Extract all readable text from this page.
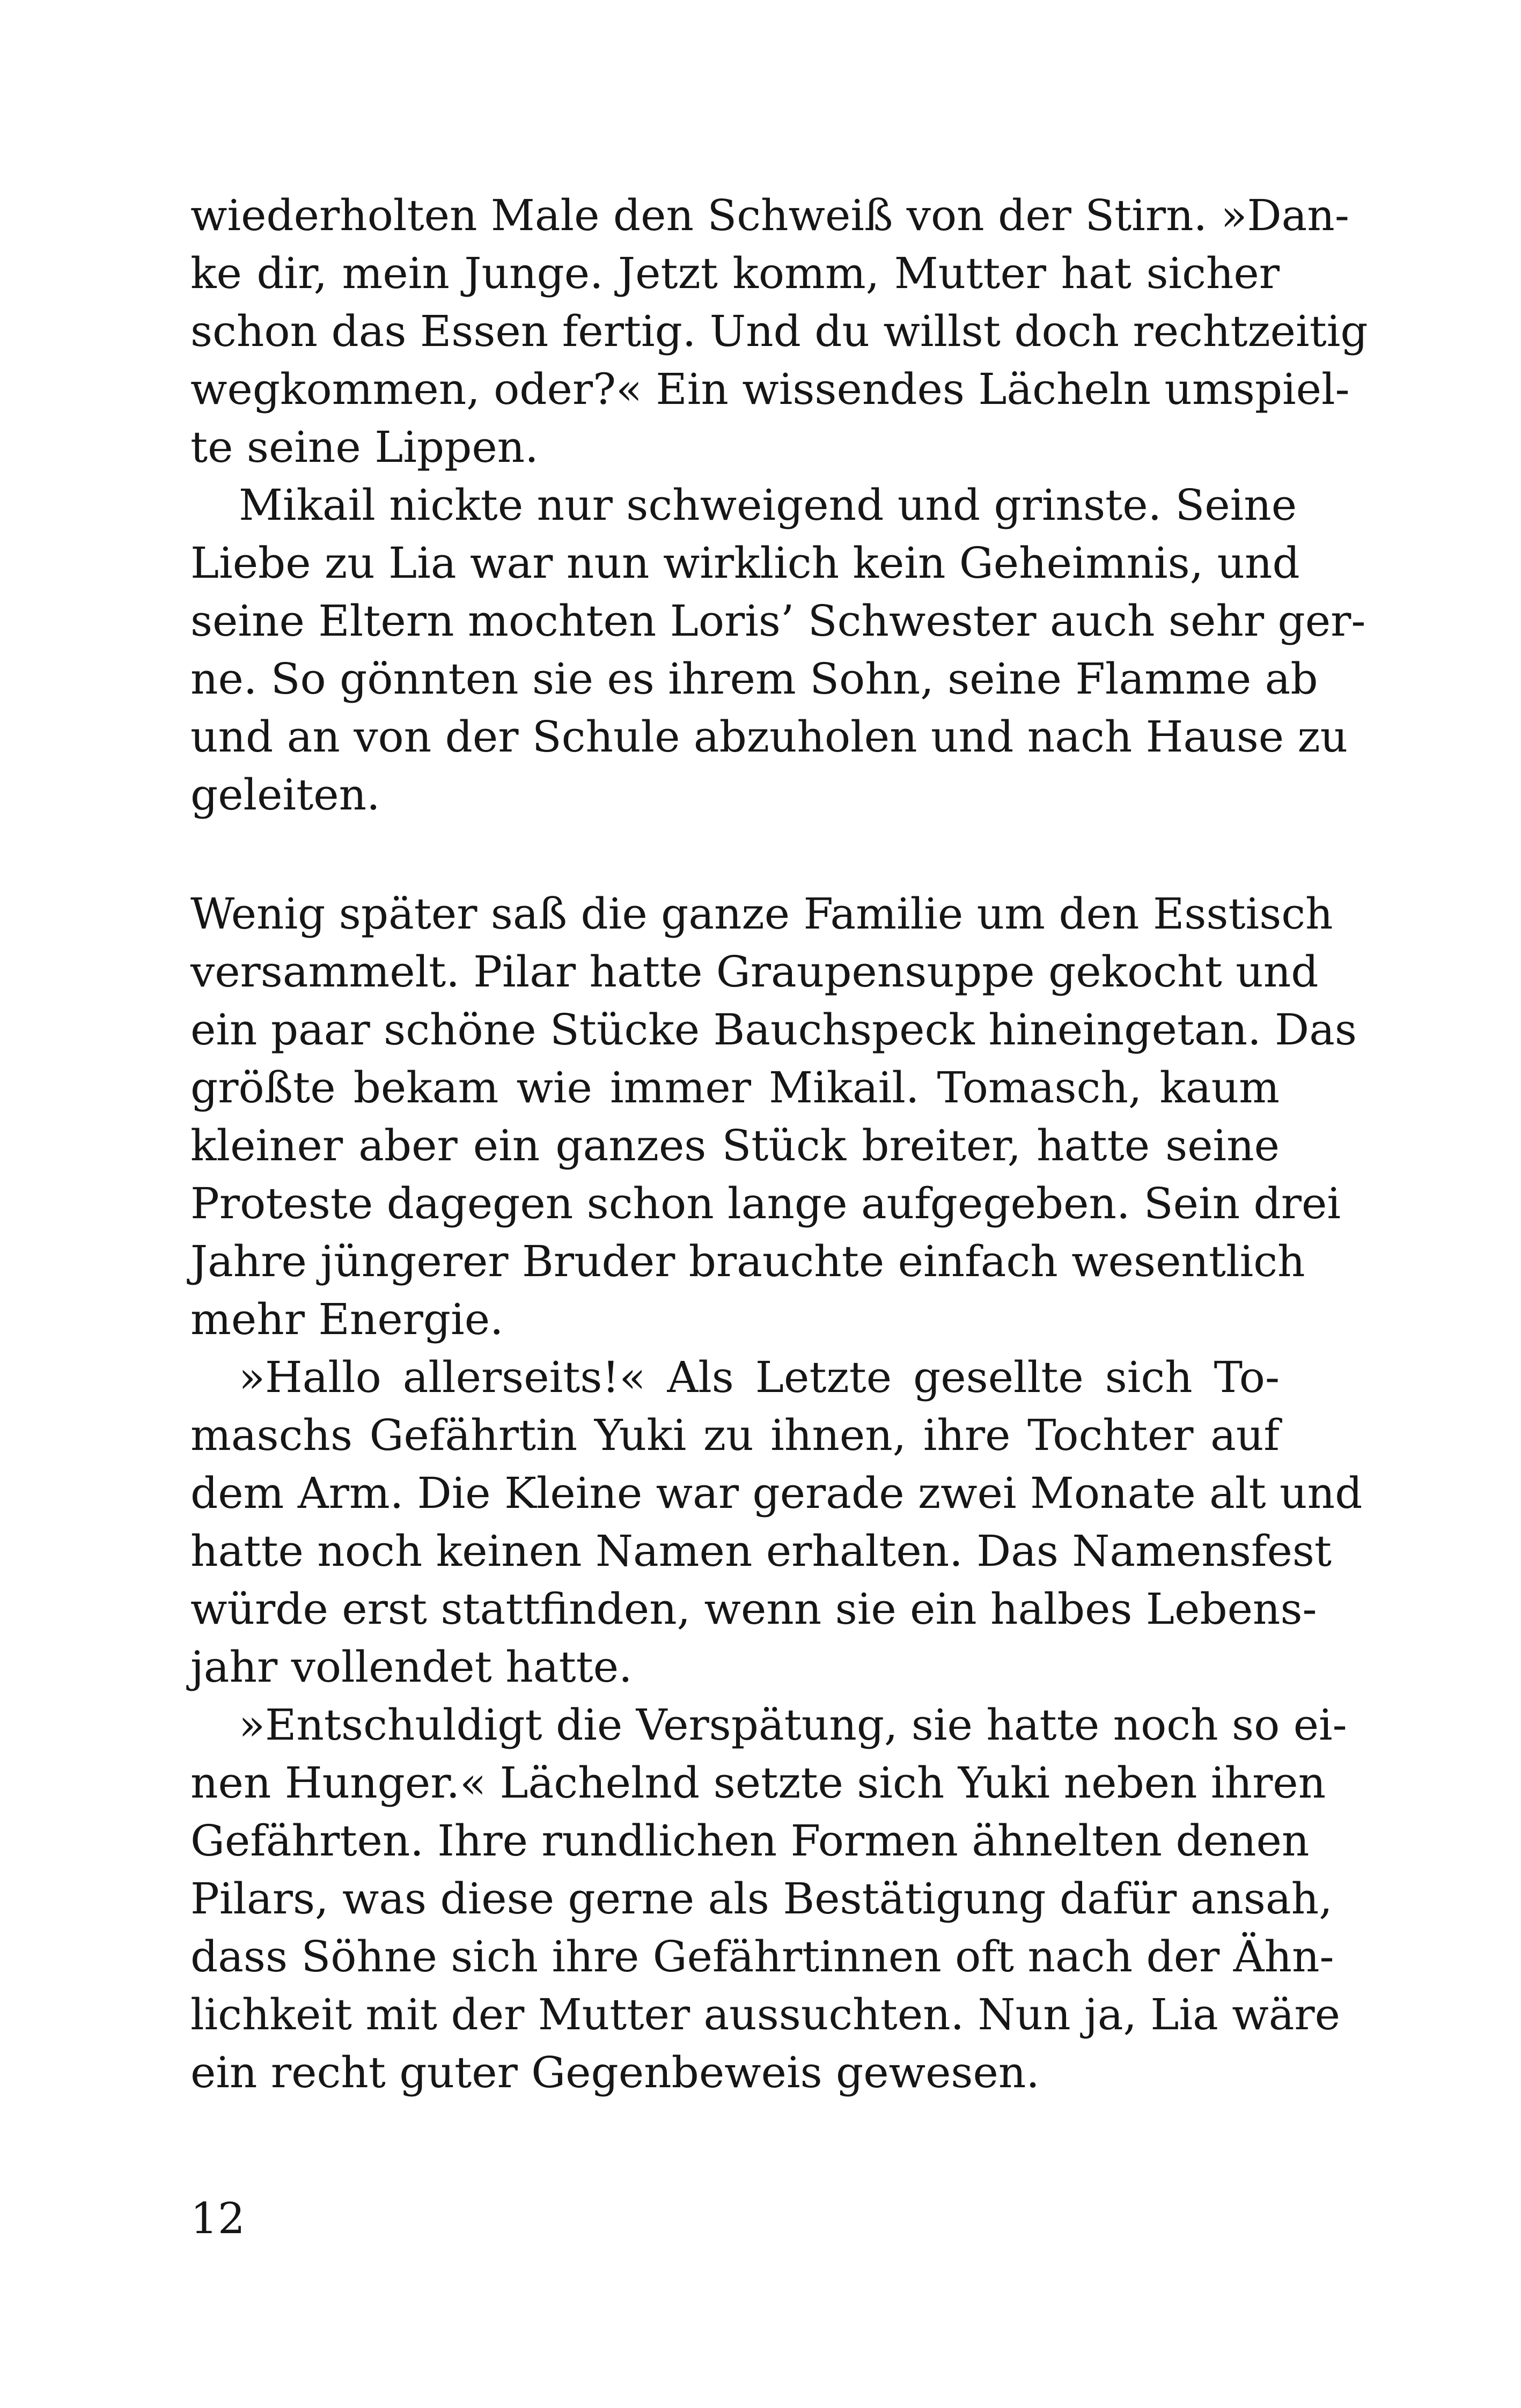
wiederholten Male den Schweiß von der Stirn. »Dan-
ke dir, mein Junge. Jetzt komm, Mutter hat sicher
schon das Essen fertig. Und du willst doch rechtzeitig
wegkommen, oder?« Ein wissendes Lächeln umspiel-
te seine Lippen.
Mikail nickte nur schweigend und grinste. Seine
Liebe zu Lia war nun wirklich kein Geheimnis, und
seine Eltern mochten Loris’ Schwester auch sehr ger-
ne. So gönnten sie es ihrem Sohn, seine Flamme ab
und an von der Schule abzuholen und nach Hause zu
geleiten.
Wenig später saß die ganze Familie um den Esstisch
versammelt. Pilar hatte Graupensuppe gekocht und
ein paar schöne Stücke Bauchspeck hineingetan. Das
größte bekam wie immer Mikail. Tomasch, kaum
kleiner aber ein ganzes Stück breiter, hatte seine
Proteste dagegen schon lange aufgegeben. Sein drei
Jahre jüngerer Bruder brauchte einfach wesentlich
mehr Energie.
»Hallo allerseits!« Als Letzte gesellte sich To-
maschs Gefährtin Yuki zu ihnen, ihre Tochter auf
dem Arm. Die Kleine war gerade zwei Monate alt und
hatte noch keinen Namen erhalten. Das Namensfest
würde erst stattfinden, wenn sie ein halbes Lebens-
jahr vollendet hatte.
»Entschuldigt die Verspätung, sie hatte noch so ei-
nen Hunger.« Lächelnd setzte sich Yuki neben ihren
Gefährten. Ihre rundlichen Formen ähnelten denen
Pilars, was diese gerne als Bestätigung dafür ansah,
dass Söhne sich ihre Gefährtinnen oft nach der Ähn-
lichkeit mit der Mutter aussuchten. Nun ja, Lia wäre
ein recht guter Gegenbeweis gewesen.
12
